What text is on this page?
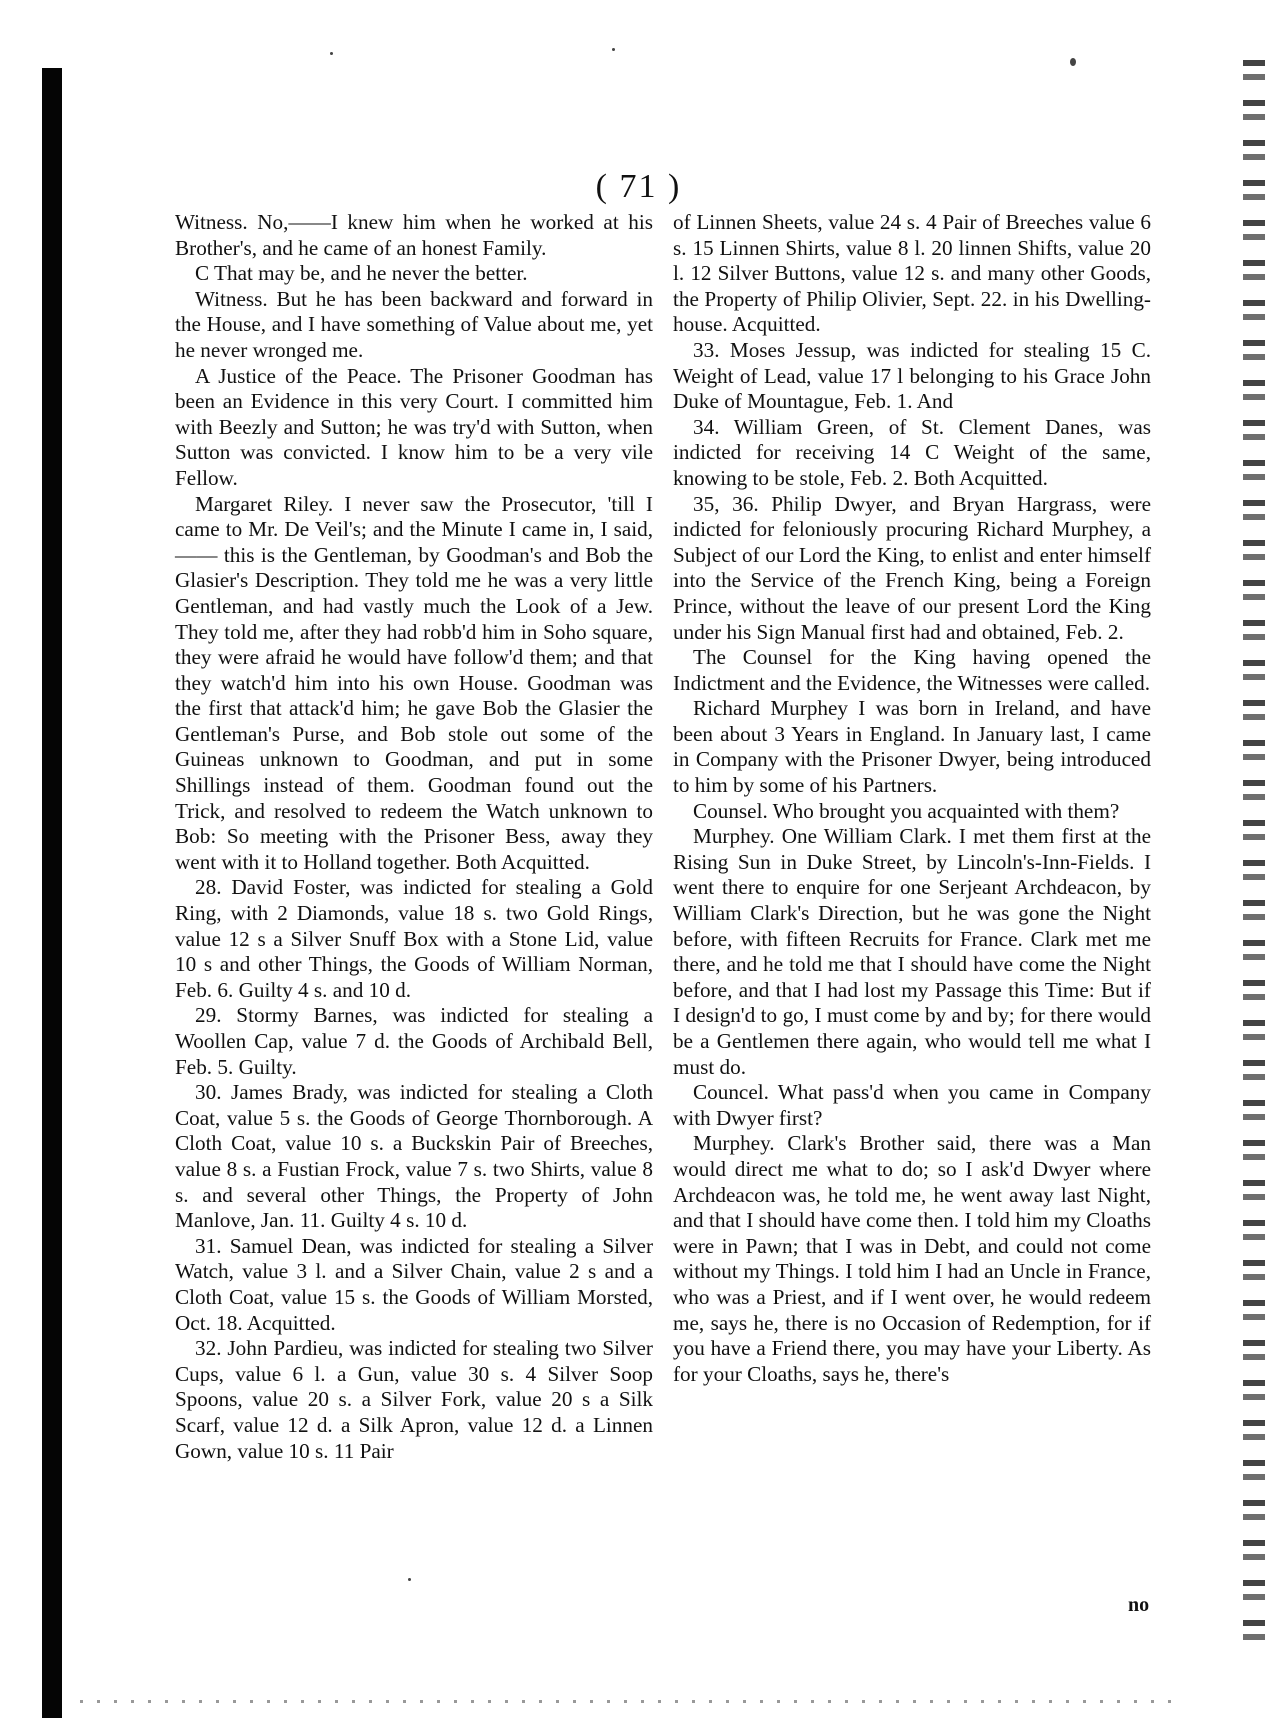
( 71 )

Witness. No,——I knew him when he worked at his Brother's, and he came of an honest Family.

C That may be, and he never the better.

Witness. But he has been backward and forward in the House, and I have something of Value about me, yet he never wronged me.

A Justice of the Peace. The Prisoner Goodman has been an Evidence in this very Court. I committed him with Beezly and Sutton; he was try'd with Sutton, when Sutton was convicted. I know him to be a very vile Fellow.

Margaret Riley. I never saw the Prosecutor, 'till I came to Mr. De Veil's; and the Minute I came in, I said, —— this is the Gentleman, by Goodman's and Bob the Glasier's Description. They told me he was a very little Gentleman, and had vastly much the Look of a Jew. They told me, after they had robb'd him in Soho square, they were afraid he would have follow'd them; and that they watch'd him into his own House. Goodman was the first that attack'd him; he gave Bob the Glasier the Gentleman's Purse, and Bob stole out some of the Guineas unknown to Goodman, and put in some Shillings instead of them. Goodman found out the Trick, and resolved to redeem the Watch unknown to Bob: So meeting with the Prisoner Bess, away they went with it to Holland together. Both Acquitted.

28. David Foster, was indicted for stealing a Gold Ring, with 2 Diamonds, value 18 s. two Gold Rings, value 12 s a Silver Snuff Box with a Stone Lid, value 10 s and other Things, the Goods of William Norman, Feb. 6. Guilty 4 s. and 10 d.

29. Stormy Barnes, was indicted for stealing a Woollen Cap, value 7 d. the Goods of Archibald Bell, Feb. 5. Guilty.

30. James Brady, was indicted for stealing a Cloth Coat, value 5 s. the Goods of George Thornborough. A Cloth Coat, value 10 s. a Buckskin Pair of Breeches, value 8 s. a Fustian Frock, value 7 s. two Shirts, value 8 s. and several other Things, the Property of John Manlove, Jan. 11. Guilty 4 s. 10 d.

31. Samuel Dean, was indicted for stealing a Silver Watch, value 3 l. and a Silver Chain, value 2 s and a Cloth Coat, value 15 s. the Goods of William Morsted, Oct. 18. Acquitted.

32. John Pardieu, was indicted for stealing two Silver Cups, value 6 l. a Gun, value 30 s. 4 Silver Soop Spoons, value 20 s. a Silver Fork, value 20 s a Silk Scarf, value 12 d. a Silk Apron, value 12 d. a Linnen Gown, value 10 s. 11 Pair

of Linnen Sheets, value 24 s. 4 Pair of Breeches value 6 s. 15 Linnen Shirts, value 8 l. 20 linnen Shifts, value 20 l. 12 Silver Buttons, value 12 s. and many other Goods, the Property of Philip Olivier, Sept. 22. in his Dwelling-house. Acquitted.

33. Moses Jessup, was indicted for stealing 15 C. Weight of Lead, value 17 l belonging to his Grace John Duke of Mountague, Feb. 1. And

34. William Green, of St. Clement Danes, was indicted for receiving 14 C Weight of the same, knowing to be stole, Feb. 2. Both Acquitted.

35, 36. Philip Dwyer, and Bryan Hargrass, were indicted for feloniously procuring Richard Murphey, a Subject of our Lord the King, to enlist and enter himself into the Service of the French King, being a Foreign Prince, without the leave of our present Lord the King under his Sign Manual first had and obtained, Feb. 2.

The Counsel for the King having opened the Indictment and the Evidence, the Witnesses were called.

Richard Murphey I was born in Ireland, and have been about 3 Years in England. In January last, I came in Company with the Prisoner Dwyer, being introduced to him by some of his Partners.

Counsel. Who brought you acquainted with them?

Murphey. One William Clark. I met them first at the Rising Sun in Duke Street, by Lincoln's-Inn-Fields. I went there to enquire for one Serjeant Archdeacon, by William Clark's Direction, but he was gone the Night before, with fifteen Recruits for France. Clark met me there, and he told me that I should have come the Night before, and that I had lost my Passage this Time: But if I design'd to go, I must come by and by; for there would be a Gentlemen there again, who would tell me what I must do.

Councel. What pass'd when you came in Company with Dwyer first?

Murphey. Clark's Brother said, there was a Man would direct me what to do; so I ask'd Dwyer where Archdeacon was, he told me, he went away last Night, and that I should have come then. I told him my Cloaths were in Pawn; that I was in Debt, and could not come without my Things. I told him I had an Uncle in France, who was a Priest, and if I went over, he would redeem me, says he, there is no Occasion of Redemption, for if you have a Friend there, you may have your Liberty. As for your Cloaths, says he, there's

no
